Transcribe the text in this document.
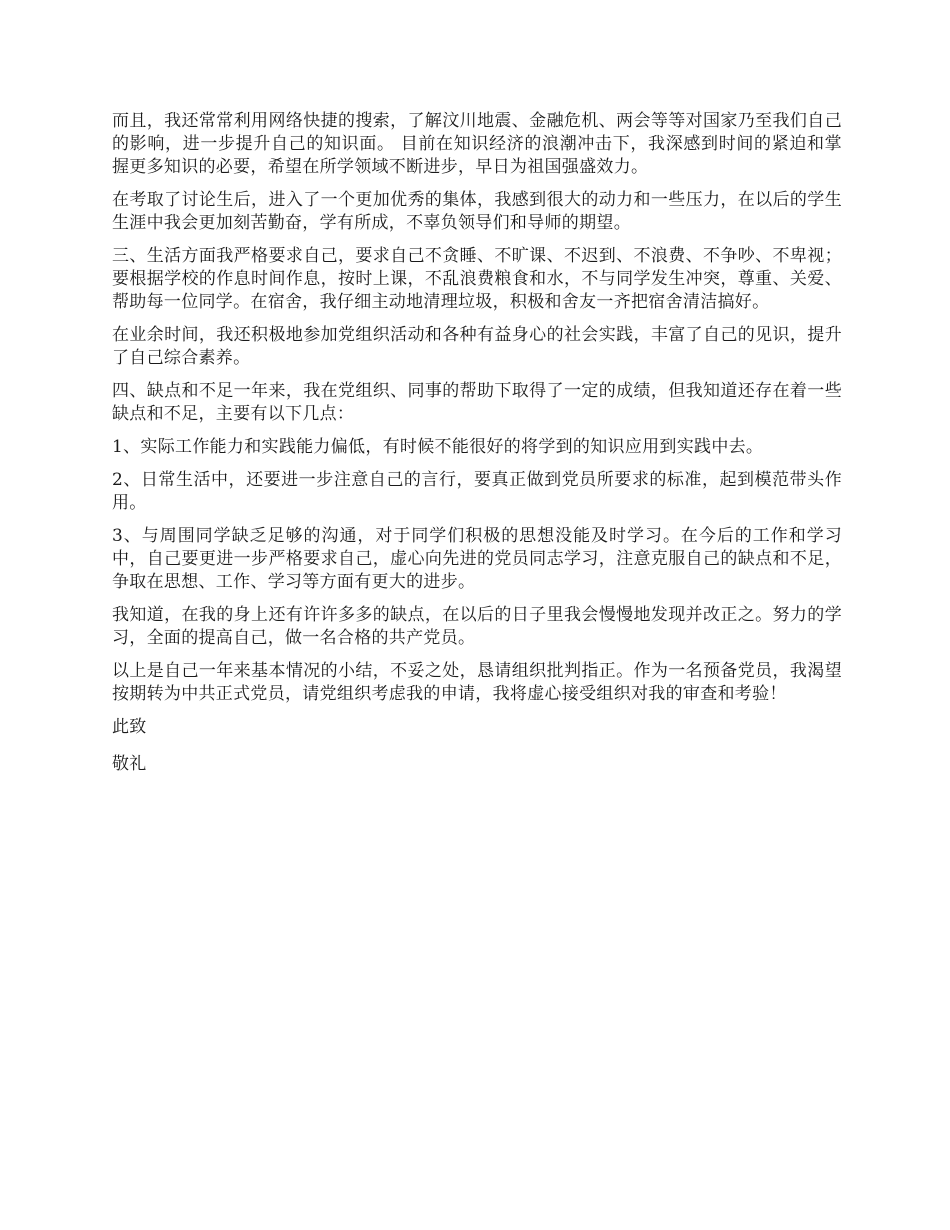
而且，我还常常利用网络快捷的搜索，了解汶川地震、金融危机、两会等等对国家乃至我们自己的影响，进一步提升自己的知识面。 目前在知识经济的浪潮冲击下，我深感到时间的紧迫和掌握更多知识的必要，希望在所学领域不断进步，早日为祖国强盛效力。

在考取了讨论生后，进入了一个更加优秀的集体，我感到很大的动力和一些压力，在以后的学生生涯中我会更加刻苦勤奋，学有所成，不辜负领导们和导师的期望。

三、生活方面我严格要求自己，要求自己不贪睡、不旷课、不迟到、不浪费、不争吵、不卑视；要根据学校的作息时间作息，按时上课，不乱浪费粮食和水，不与同学发生冲突，尊重、关爱、帮助每一位同学。在宿舍，我仔细主动地清理垃圾，积极和舍友一齐把宿舍清洁搞好。

在业余时间，我还积极地参加党组织活动和各种有益身心的社会实践，丰富了自己的见识，提升了自己综合素养。

四、缺点和不足一年来，我在党组织、同事的帮助下取得了一定的成绩，但我知道还存在着一些缺点和不足，主要有以下几点：

1、实际工作能力和实践能力偏低，有时候不能很好的将学到的知识应用到实践中去。

2、日常生活中，还要进一步注意自己的言行，要真正做到党员所要求的标准，起到模范带头作用。

3、与周围同学缺乏足够的沟通，对于同学们积极的思想没能及时学习。在今后的工作和学习中，自己要更进一步严格要求自己，虚心向先进的党员同志学习，注意克服自己的缺点和不足，争取在思想、工作、学习等方面有更大的进步。

我知道，在我的身上还有许许多多的缺点，在以后的日子里我会慢慢地发现并改正之。努力的学习，全面的提高自己，做一名合格的共产党员。

以上是自己一年来基本情况的小结，不妥之处，恳请组织批判指正。作为一名预备党员，我渴望按期转为中共正式党员，请党组织考虑我的申请，我将虚心接受组织对我的审查和考验！

此致

敬礼
